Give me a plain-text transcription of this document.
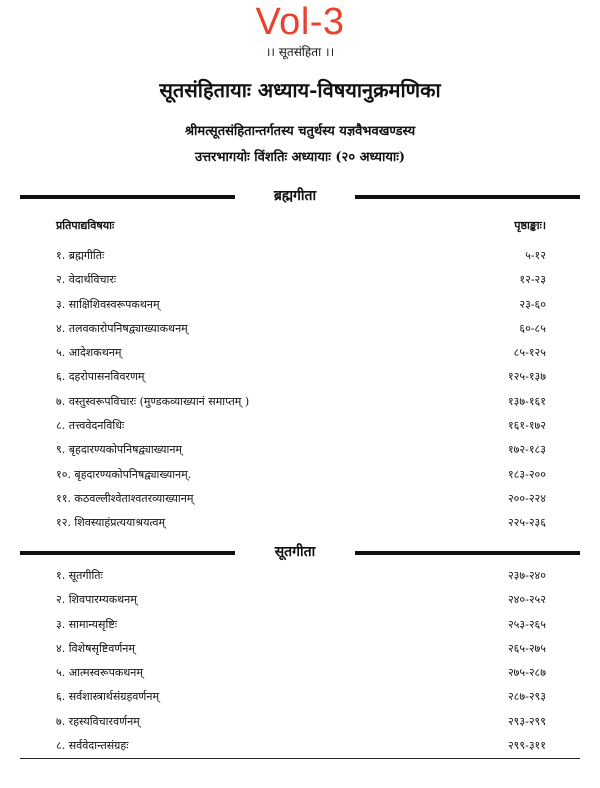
Vol-3
।। सूतसंहिता ।।
सूतसंहितायाः अध्याय-विषयानुक्रमणिका
श्रीमत्सूतसंहितान्तर्गतस्य चतुर्थस्य यज्ञवैभवखण्डस्य
उत्तरभागयोः विंशतिः अध्यायाः (२० अध्यायाः)
ब्रह्मगीता
प्रतिपाद्यविषयाः	पृष्ठाङ्काः।
१. ब्रह्मगीतिः	५-१२
२. वेदार्थविचारः	१२-२३
३. साक्षिशिवस्वरूपकथनम्	२३-६०
४. तलवकारोपनिषद्व्याख्याकथनम्	६०-८५
५. आदेशकथनम्	८५-१२५
६. दहरोपासनविवरणम्	१२५-१३७
७. वस्तुस्वरूपविचारः (मुण्डकव्याख्यानं समाप्तम् )	१३७-१६१
८. तत्त्ववेदनविधिः	१६१-१७२
९. बृहदारण्यकोपनिषद्व्याख्यानम्	१७२-१८३
१०. बृहदारण्यकोपनिषद्व्याख्यानम्.	१८३-२००
११. कठवल्लीश्वेताश्वतरव्याख्यानम्	२००-२२४
१२. शिवस्याहंप्रत्ययाश्रयत्वम्	२२५-२३६
सूतगीता
१. सूतगीतिः	२३७-२४०
२. शिवपारम्यकथनम्	२४०-२५२
३. सामान्यसृष्टिः	२५३-२६५
४. विशेषसृष्टिवर्णनम्	२६५-२७५
५. आत्मस्वरूपकथनम्	२७५-२८७
६. सर्वशास्त्रार्थसंग्रहवर्णनम्	२८७-२९३
७. रहस्यविचारवर्णनम्	२९३-२९९
८. सर्ववेदान्तसंग्रहः	२९९-३११
